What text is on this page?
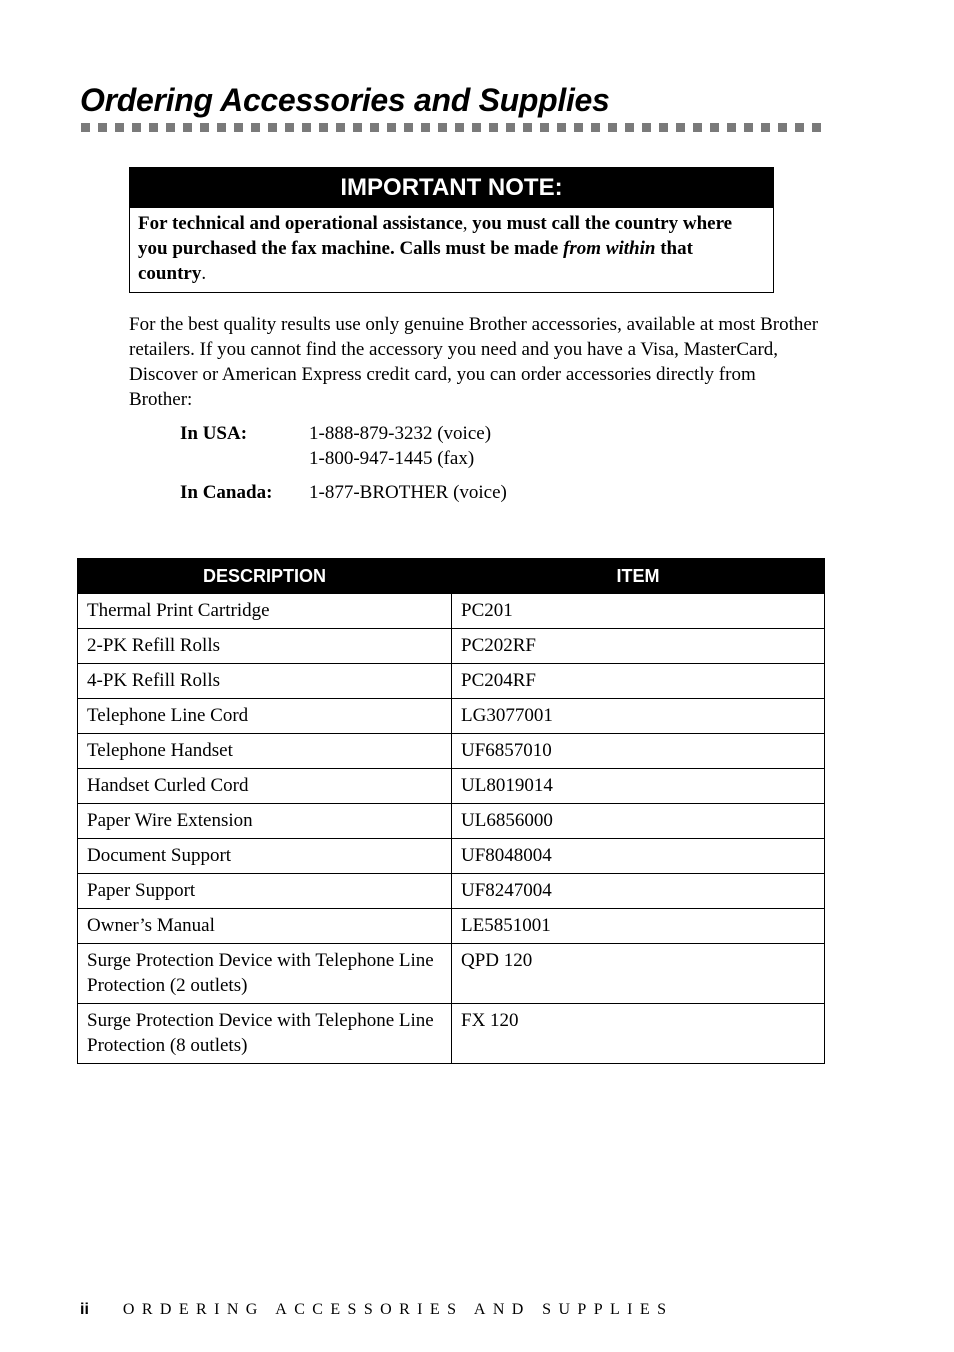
Ordering Accessories and Supplies
IMPORTANT NOTE:
For technical and operational assistance, you must call the country where you purchased the fax machine. Calls must be made from within that country.

For the best quality results use only genuine Brother accessories, available at most Brother retailers. If you cannot find the accessory you need and you have a Visa, MasterCard, Discover or American Express credit card, you can order accessories directly from Brother:

In USA:	1-888-879-3232 (voice)
1-800-947-1445 (fax)
In Canada: 1-877-BROTHER (voice)
DESCRIPTION	ITEM
Thermal Print Cartridge	PC201
2-PK Refill Rolls	PC202RF
4-PK Refill Rolls	PC204RF
Telephone Line Cord	LG3077001
Telephone Handset	UF6857010
Handset Curled Cord	UL8019014
Paper Wire Extension	UL6856000
Document Support	UF8048004
Paper Support	UF8247004
Owner’s Manual	LE5851001
Surge Protection Device with Telephone Line Protection (2 outlets)	QPD 120
Surge Protection Device with Telephone Line Protection (8 outlets)	FX 120
ii ORDERING ACCESSORIES AND SUPPLIES
